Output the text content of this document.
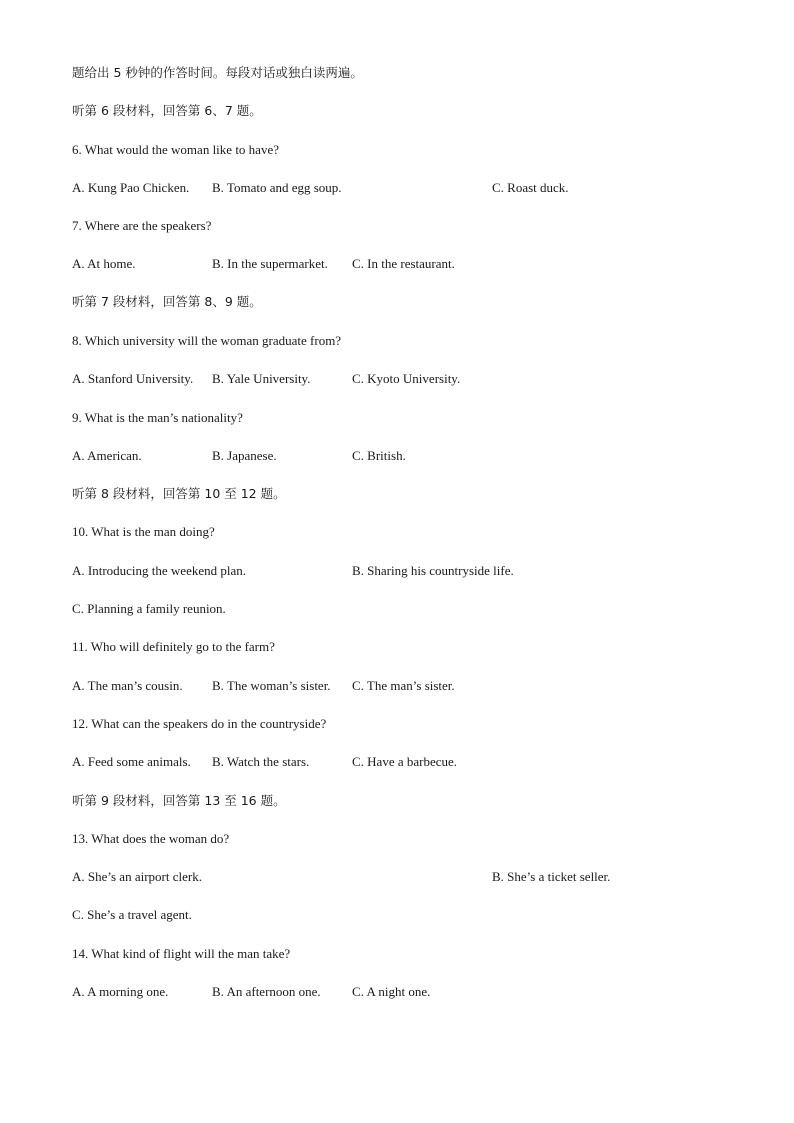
题给出 5 秒钟的作答时间。每段对话或独白读两遍。
听第 6 段材料，回答第 6、7 题。
6. What would the woman like to have?
A. Kung Pao Chicken. B. Tomato and egg soup.	C. Roast duck.
7. Where are the speakers?
A. At home.	B. In the supermarket. C. In the restaurant.
听第 7 段材料，回答第 8、9 题。
8. Which university will the woman graduate from?
A. Stanford University. B. Yale University.	C. Kyoto University.
9. What is the man’s nationality?
A. American.	B. Japanese.	C. British.
听第 8 段材料，回答第 10 至 12 题。
10. What is the man doing?
A. Introducing the weekend plan.	B. Sharing his countryside life.
C. Planning a family reunion.
11. Who will definitely go to the farm?
A. The man’s cousin. B. The woman’s sister. C. The man’s sister.
12. What can the speakers do in the countryside?
A. Feed some animals. B. Watch the stars.	C. Have a barbecue.
听第 9 段材料，回答第 13 至 16 题。
13. What does the woman do?
A. She’s an airport clerk.	B. She’s a ticket seller.
C. She’s a travel agent.
14. What kind of flight will the man take?
A. A morning one.	B. An afternoon one. C. A night one.
